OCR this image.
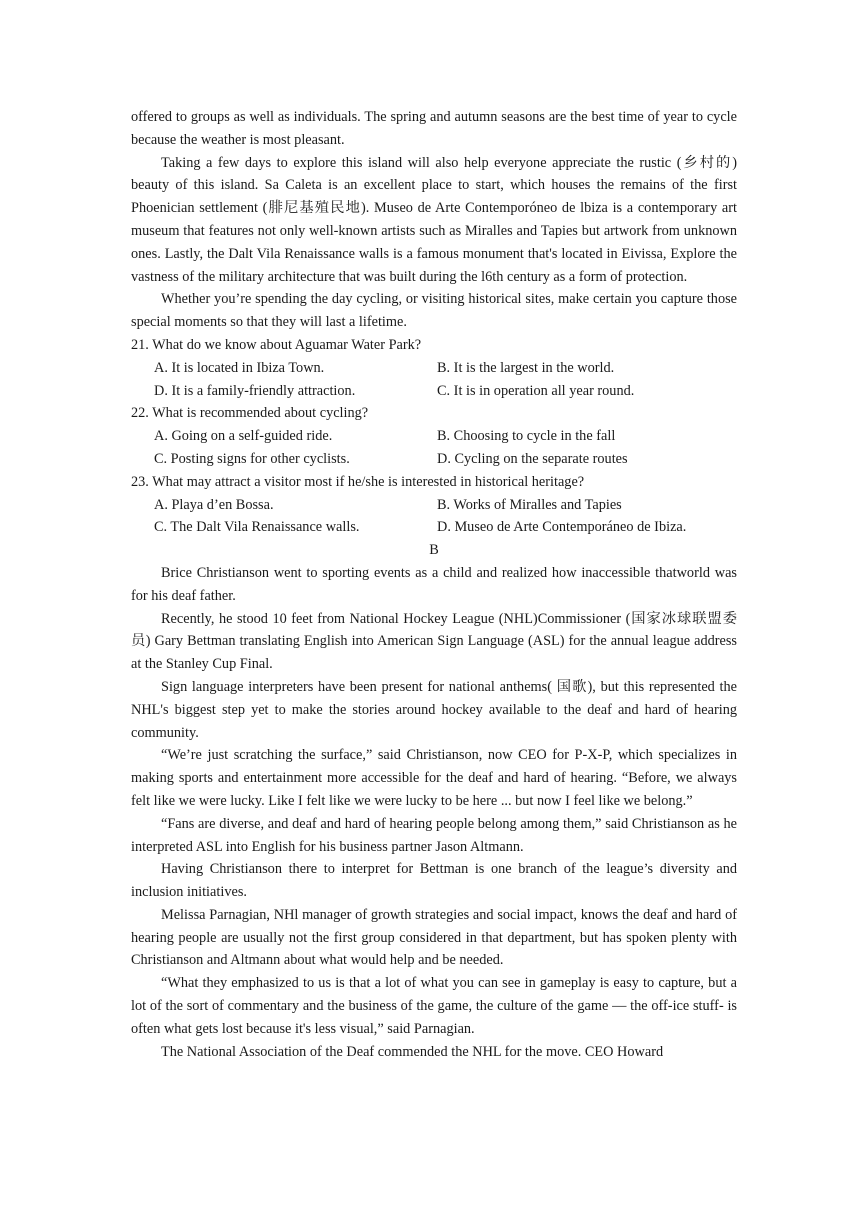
offered to groups as well as individuals. The spring and autumn seasons are the best time of year to cycle because the weather is most pleasant.

Taking a few days to explore this island will also help everyone appreciate the rustic (乡村的) beauty of this island. Sa Caleta is an excellent place to start, which houses the remains of the first Phoenician settlement (腓尼基殖民地). Museo de Arte Contemporóneo de lbiza is a contemporary art museum that features not only well-known artists such as Miralles and Tapies but artwork from unknown ones. Lastly, the Dalt Vila Renaissance walls is a famous monument that's located in Eivissa, Explore the vastness of the military architecture that was built during the l6th century as a form of protection.

Whether you’re spending the day cycling, or visiting historical sites, make certain you capture those special moments so that they will last a lifetime.

21. What do we know about Aguamar Water Park?

A. It is located in Ibiza Town.	B. It is the largest in the world.
D. It is a family-friendly attraction.	C. It is in operation all year round.

22. What is recommended about cycling?

A. Going on a self-guided ride.	B. Choosing to cycle in the fall
C. Posting signs for other cyclists.	D. Cycling on the separate routes

23. What may attract a visitor most if he/she is interested in historical heritage?

A. Playa d’en Bossa.	B. Works of Miralles and Tapies
C. The Dalt Vila Renaissance walls.	D. Museo de Arte Contemporáneo de Ibiza.

B

Brice Christianson went to sporting events as a child and realized how inaccessible thatworld was for his deaf father.

Recently, he stood 10 feet from National Hockey League (NHL)Commissioner (国家冰球联盟委员) Gary Bettman translating English into American Sign Language (ASL) for the annual league address at the Stanley Cup Final.

Sign language interpreters have been present for national anthems( 国歌), but this represented the NHL's biggest step yet to make the stories around hockey available to the deaf and hard of hearing community.

“We’re just scratching the surface,” said Christianson, now CEO for P-X-P, which specializes in making sports and entertainment more accessible for the deaf and hard of hearing. “Before, we always felt like we were lucky. Like I felt like we were lucky to be here ... but now I feel like we belong.”

“Fans are diverse, and deaf and hard of hearing people belong among them,” said Christianson as he interpreted ASL into English for his business partner Jason Altmann.

Having Christianson there to interpret for Bettman is one branch of the league’s diversity and inclusion initiatives.

Melissa Parnagian, NHl manager of growth strategies and social impact, knows the deaf and hard of hearing people are usually not the first group considered in that department, but has spoken plenty with Christianson and Altmann about what would help and be needed.

“What they emphasized to us is that a lot of what you can see in gameplay is easy to capture, but a lot of the sort of commentary and the business of the game, the culture of the game — the off-ice stuff- is often what gets lost because it's less visual,” said Parnagian.

The National Association of the Deaf commended the NHL for the move. CEO Howard
